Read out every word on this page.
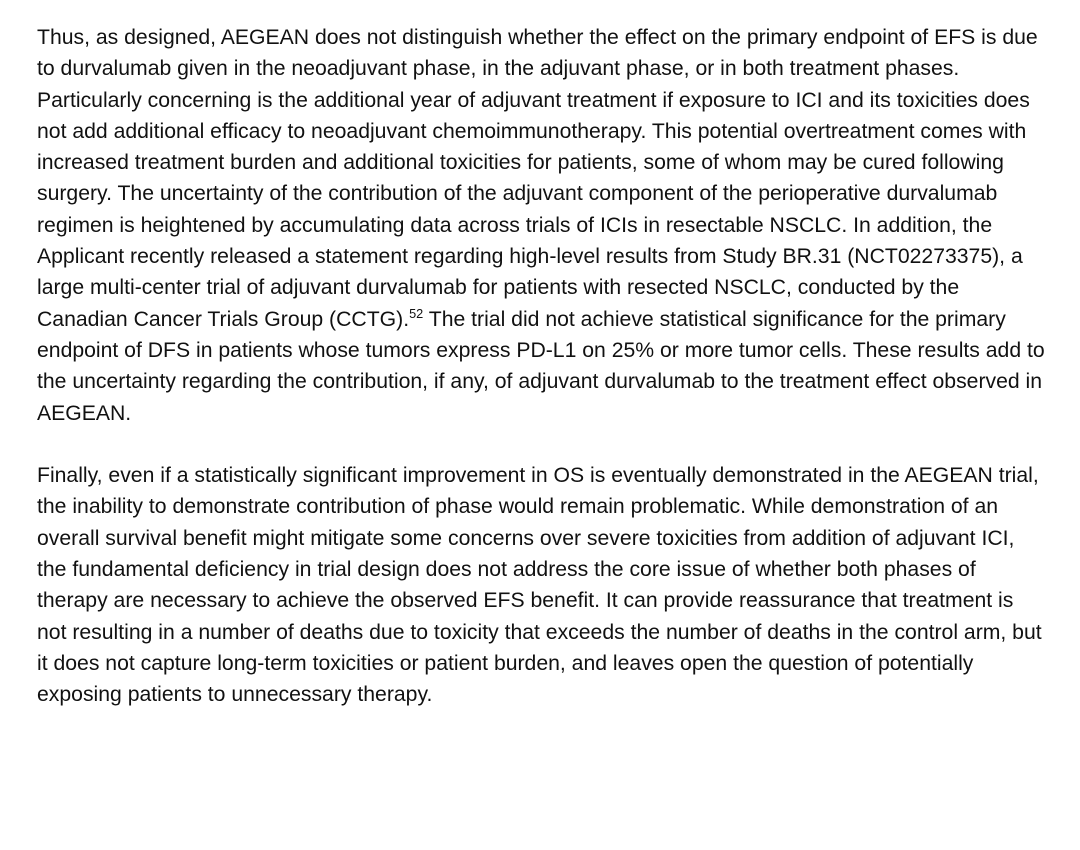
Thus, as designed, AEGEAN does not distinguish whether the effect on the primary endpoint of EFS is due to durvalumab given in the neoadjuvant phase, in the adjuvant phase, or in both treatment phases. Particularly concerning is the additional year of adjuvant treatment if exposure to ICI and its toxicities does not add additional efficacy to neoadjuvant chemoimmunotherapy. This potential overtreatment comes with increased treatment burden and additional toxicities for patients, some of whom may be cured following surgery. The uncertainty of the contribution of the adjuvant component of the perioperative durvalumab regimen is heightened by accumulating data across trials of ICIs in resectable NSCLC. In addition, the Applicant recently released a statement regarding high-level results from Study BR.31 (NCT02273375), a large multi-center trial of adjuvant durvalumab for patients with resected NSCLC, conducted by the Canadian Cancer Trials Group (CCTG).$^{52}$ The trial did not achieve statistical significance for the primary endpoint of DFS in patients whose tumors express PD-L1 on 25% or more tumor cells. These results add to the uncertainty regarding the contribution, if any, of adjuvant durvalumab to the treatment effect observed in AEGEAN.

Finally, even if a statistically significant improvement in OS is eventually demonstrated in the AEGEAN trial, the inability to demonstrate contribution of phase would remain problematic. While demonstration of an overall survival benefit might mitigate some concerns over severe toxicities from addition of adjuvant ICI, the fundamental deficiency in trial design does not address the core issue of whether both phases of therapy are necessary to achieve the observed EFS benefit. It can provide reassurance that treatment is not resulting in a number of deaths due to toxicity that exceeds the number of deaths in the control arm, but it does not capture long-term toxicities or patient burden, and leaves open the question of potentially exposing patients to unnecessary therapy.
